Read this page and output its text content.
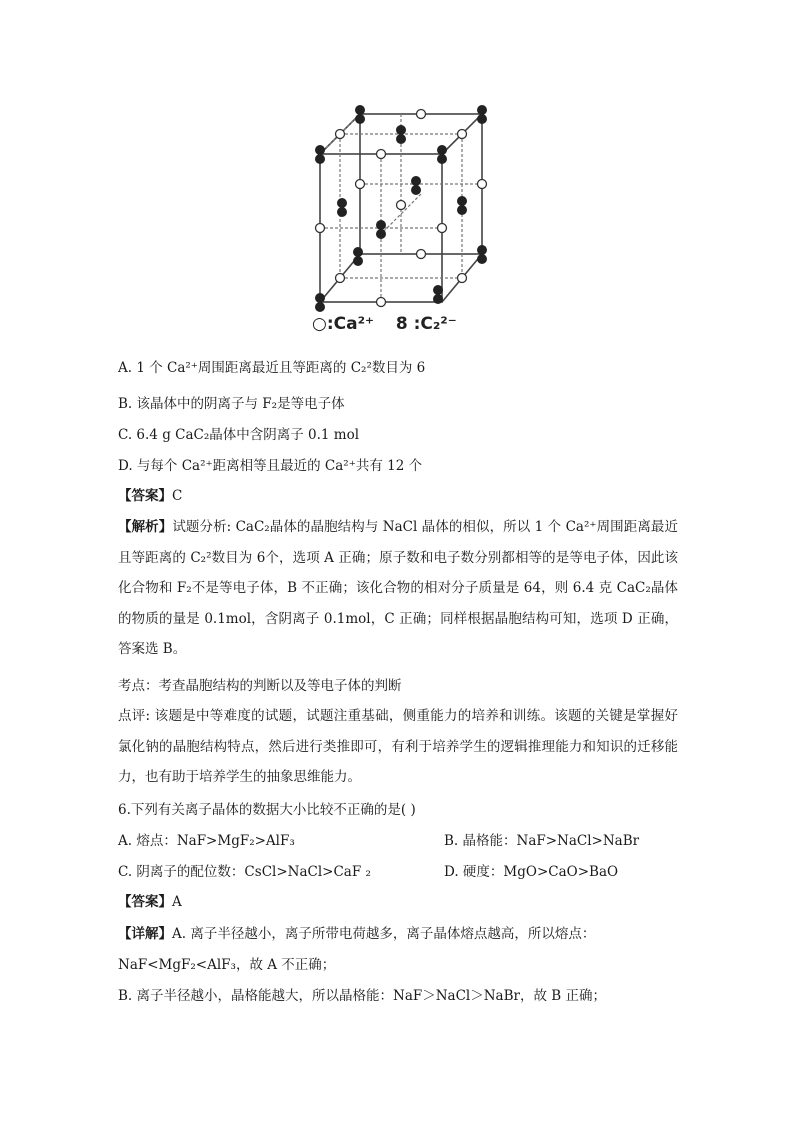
○:Ca²⁺ 8 :C₂²⁻
A. 1 个 Ca²⁺周围距离最近且等距离的 C₂²数目为 6
B. 该晶体中的阴离子与 F₂是等电子体
C. 6.4 g CaC₂晶体中含阴离子 0.1 mol
D. 与每个 Ca²⁺距离相等且最近的 Ca²⁺共有 12 个
【答案】C
【解析】试题分析: CaC₂晶体的晶胞结构与 NaCl 晶体的相似，所以 1 个 Ca²⁺周围距离最近且等距离的 C₂²数目为 6个，选项 A 正确；原子数和电子数分别都相等的是等电子体，因此该化合物和 F₂不是等电子体，B 不正确；该化合物的相对分子质量是 64，则 6.4 克 CaC₂晶体的物质的量是 0.1mol，含阴离子 0.1mol，C 正确；同样根据晶胞结构可知，选项 D 正确，答案选 B。
考点：考查晶胞结构的判断以及等电子体的判断
点评: 该题是中等难度的试题，试题注重基础，侧重能力的培养和训练。该题的关键是掌握好氯化钠的晶胞结构特点，然后进行类推即可，有利于培养学生的逻辑推理能力和知识的迁移能力，也有助于培养学生的抽象思维能力。
6.下列有关离子晶体的数据大小比较不正确的是( )
A. 熔点：NaF>MgF₂>AlF₃	B. 晶格能：NaF>NaCl>NaBr
C. 阴离子的配位数：CsCl>NaCl>CaF ₂	D. 硬度：MgO>CaO>BaO
【答案】A
【详解】A. 离子半径越小，离子所带电荷越多，离子晶体熔点越高，所以熔点：
NaF<MgF₂<AlF₃，故 A 不正确；
B. 离子半径越小，晶格能越大，所以晶格能：NaF＞NaCl＞NaBr，故 B 正确；
